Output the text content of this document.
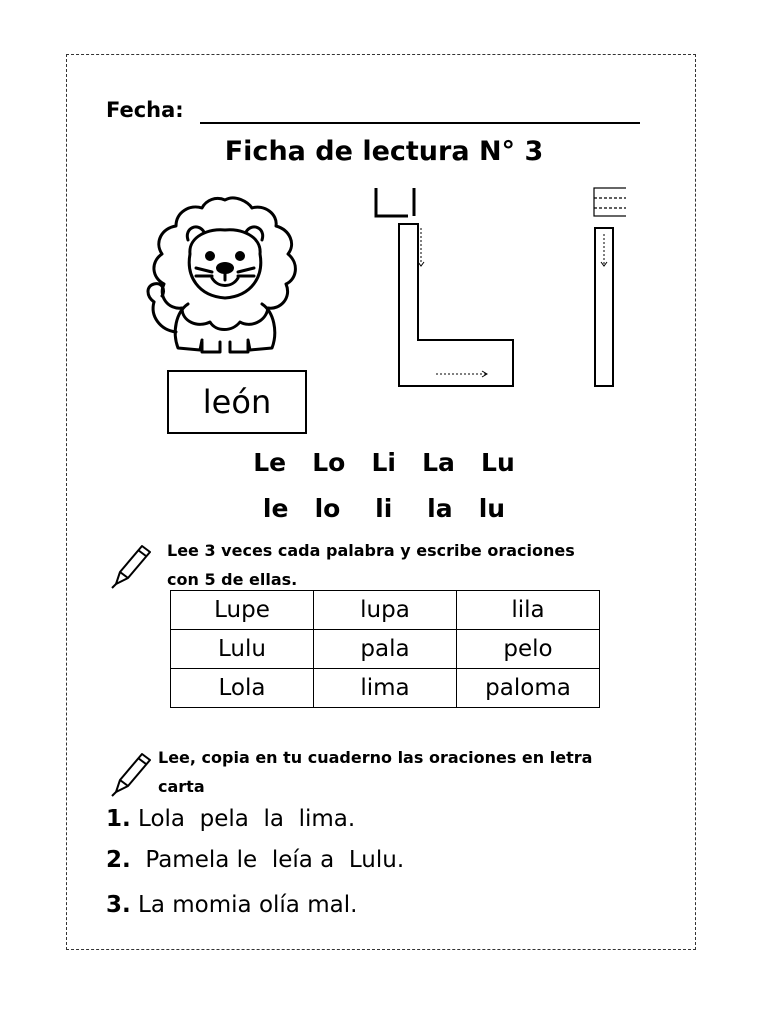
Fecha:
Ficha de lectura N° 3
león
Le Lo Li La Lu
le lo li la lu
Lee 3 veces cada palabra y escribe oraciones
con 5 de ellas.
Lupe	lupa	lila
Lulu	pala	pelo
Lola	lima	paloma
Lee, copia en tu cuaderno las oraciones en letra
carta
1. Lola  pela  la  lima.
2.  Pamela le  leía a  Lulu.
3. La momia olía mal.
